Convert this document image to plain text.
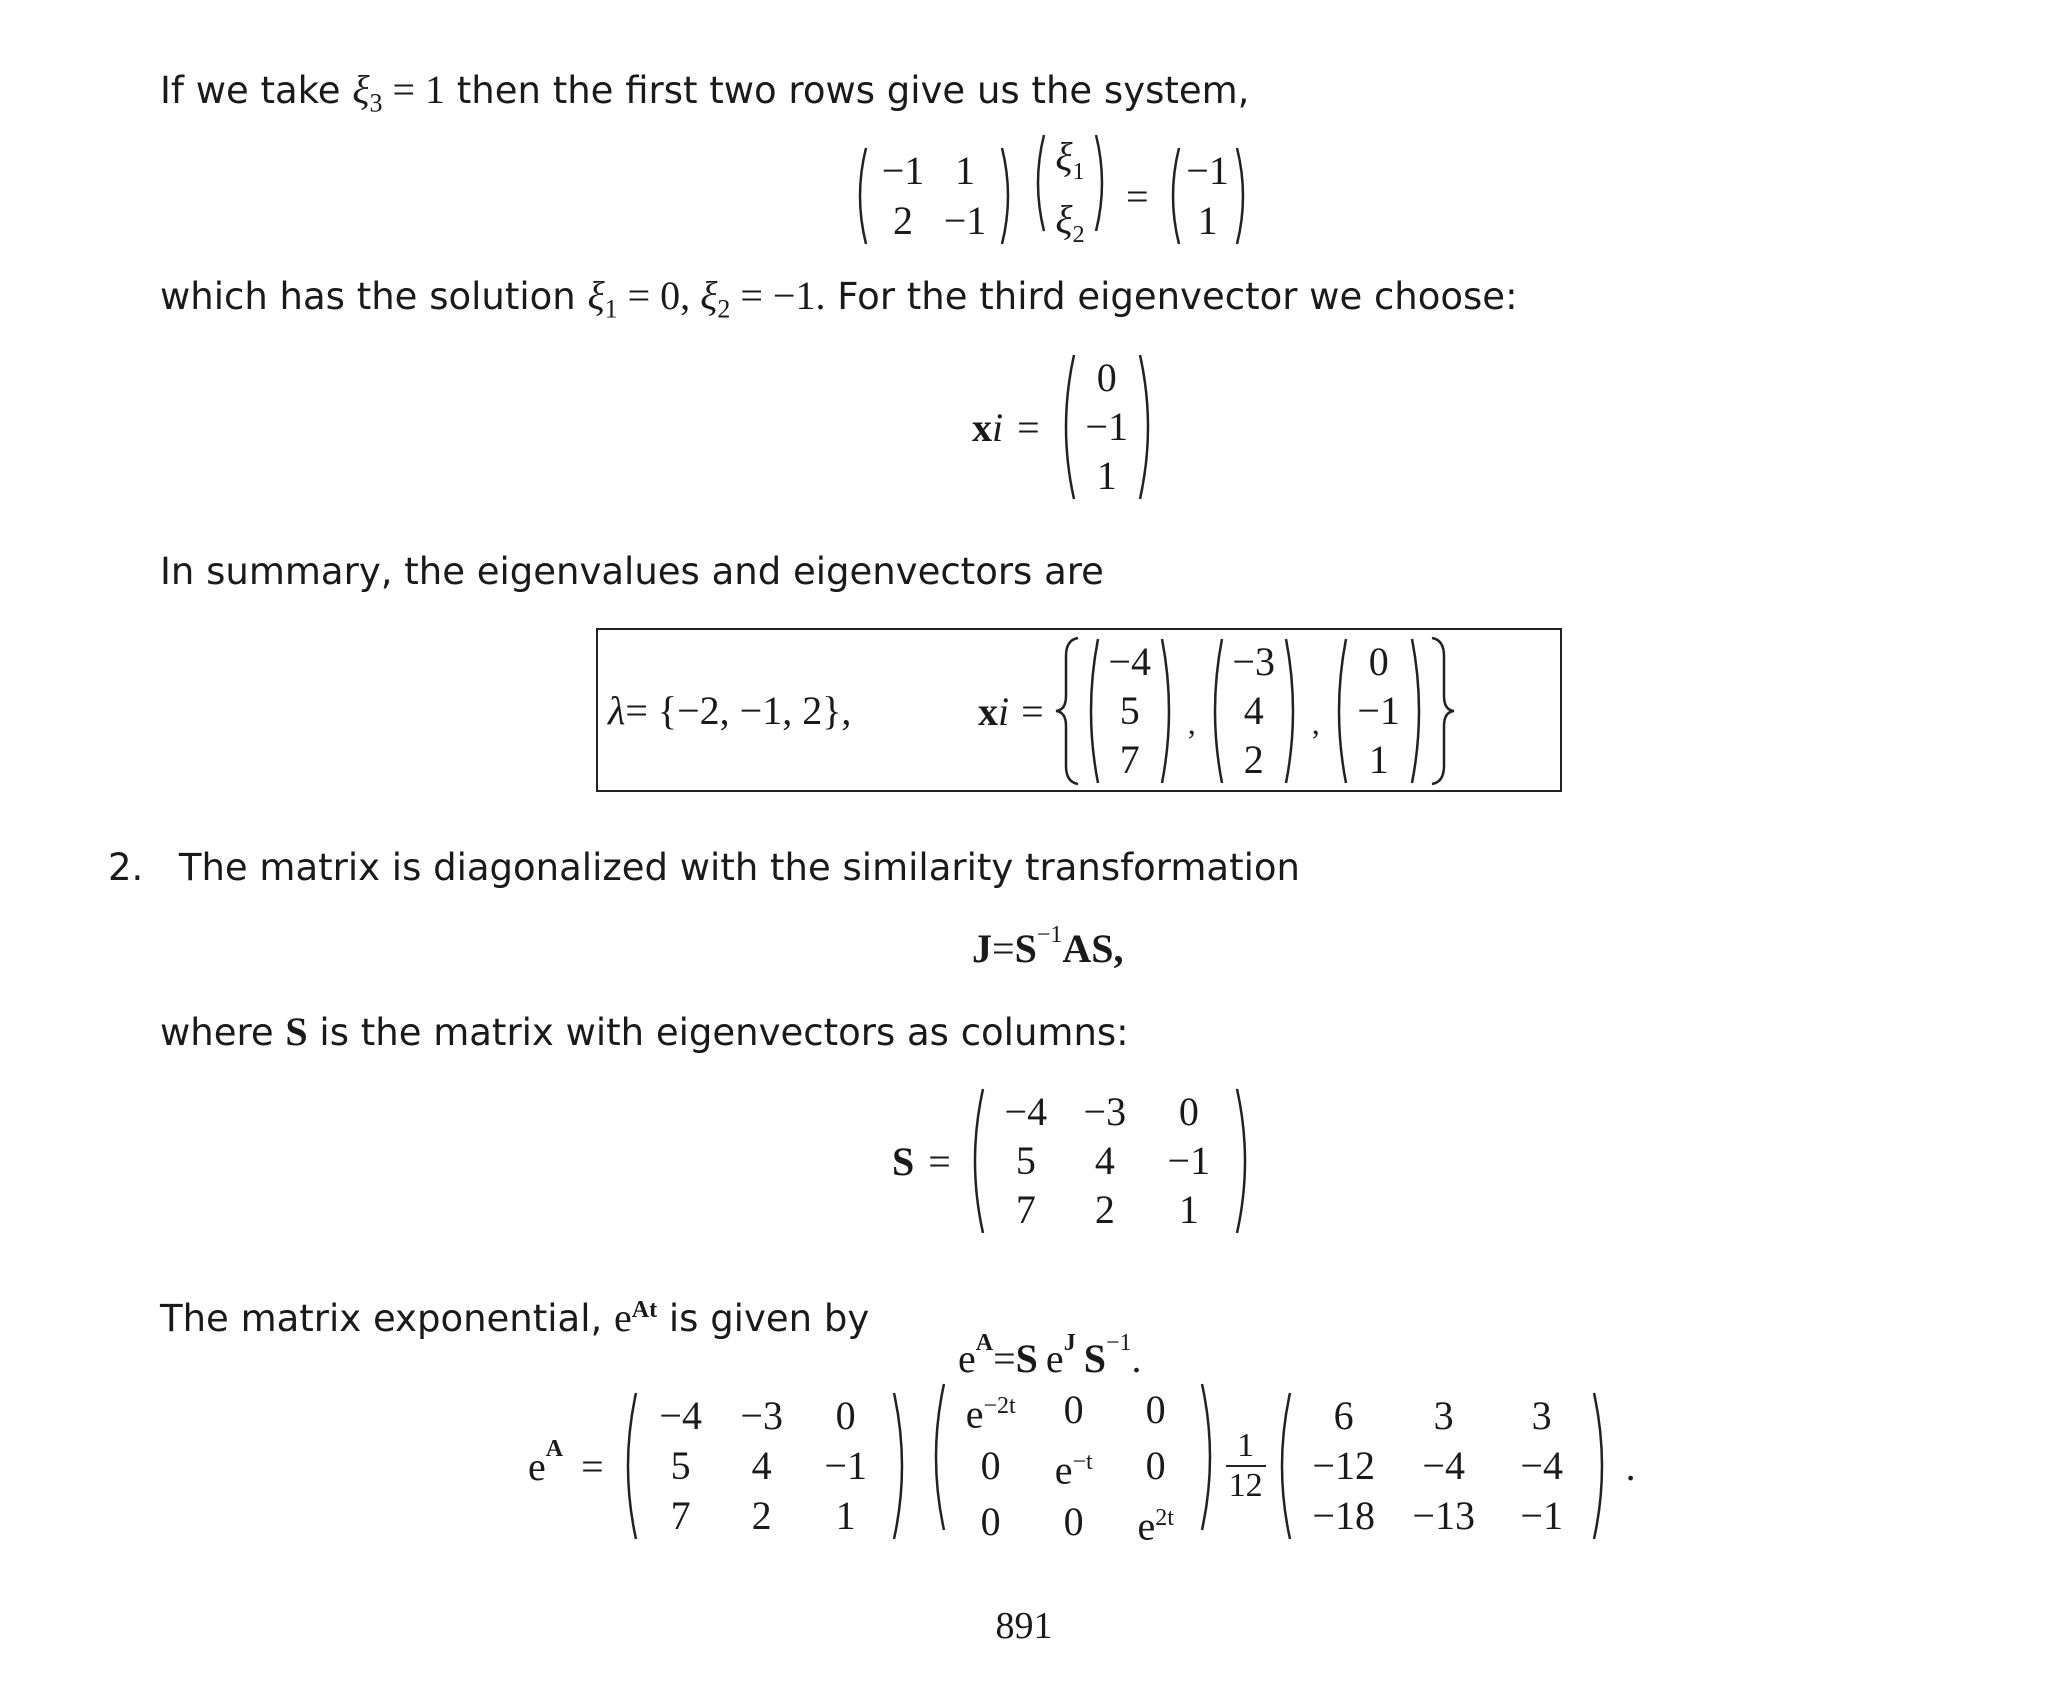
If we take $\xi_3 = 1$ then the first two rows give us the system,
−1 1
2 −1
$\xi_1$
$\xi_2$
=
−1
1
which has the solution $\xi_1 = 0$, $\xi_2 = -1$. For the third eigenvector we choose:
x i =
0
−1
1
In summary, the eigenvalues and eigenvectors are
λ = {−2, −1, 2},	x i =
−4
5
7
,
−3
4
2
,
0
−1
1
2. The matrix is diagonalized with the similarity transformation
$J = S^{-1}$ AS,
where S is the matrix with eigenvectors as columns:
S =
−4 −3 0
5 4 −1
7 2 1
The matrix exponential, $e^{At}$ is given by
$e^A = S$ $e^J$ $S^{-1}$ .
$e^A$ =
−4 −3 0
5 4 −1
7 2 1
$e^{-2t}$ 0 0
0 $e^{-t}$ 0
0 0 $e^{2t}$
$\frac{1}{12}$
6 3 3
−12 −4 −4
−18 −13 −1
.
891
